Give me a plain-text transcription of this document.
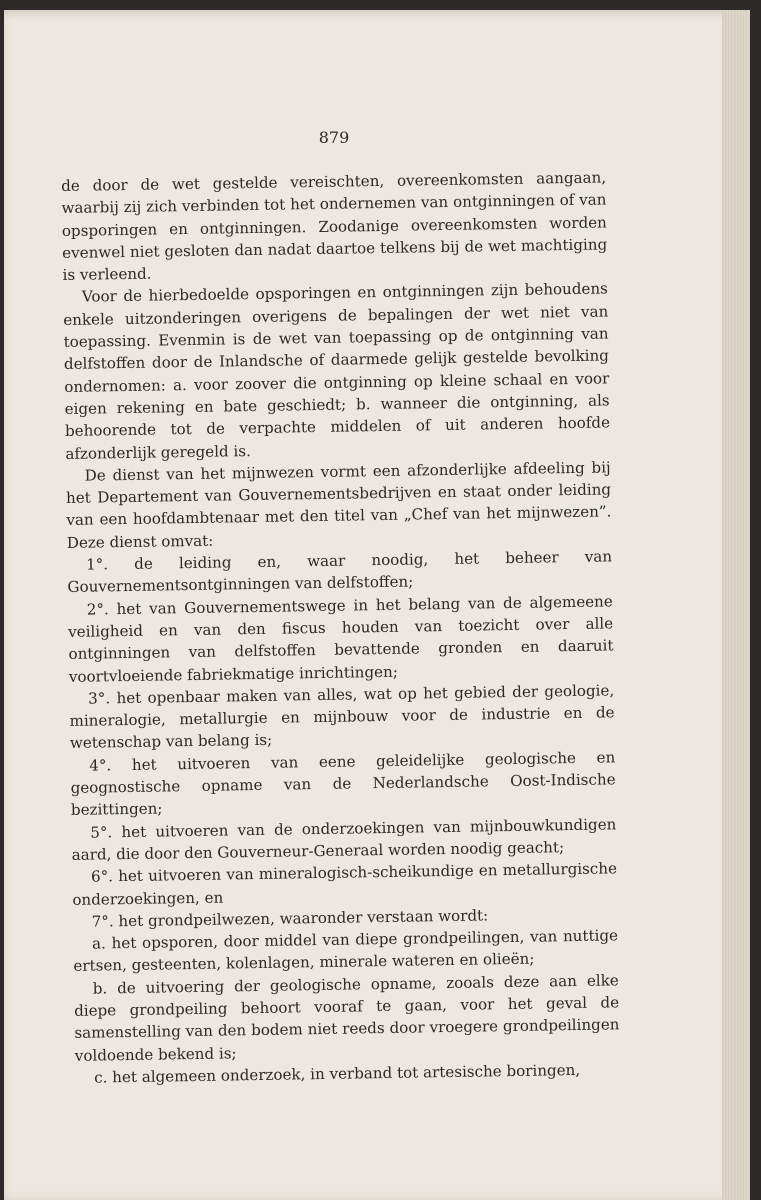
879

de door de wet gestelde vereischten, overeenkomsten aangaan, waarbij zij zich verbinden tot het ondernemen van ontginningen of van opsporingen en ontginningen. Zoodanige overeenkomsten worden evenwel niet gesloten dan nadat daartoe telkens bij de wet machtiging is verleend.

Voor de hierbedoelde opsporingen en ontginningen zijn behoudens enkele uitzonderingen overigens de bepalingen der wet niet van toepassing. Evenmin is de wet van toepassing op de ontginning van delfstoffen door de Inlandsche of daarmede gelijk gestelde bevolking ondernomen: a. voor zoover die ontginning op kleine schaal en voor eigen rekening en bate geschiedt; b. wanneer die ontginning, als behoorende tot de verpachte middelen of uit anderen hoofde afzonderlijk geregeld is.

De dienst van het mijnwezen vormt een afzonderlijke afdeeling bij het Departement van Gouvernementsbedrijven en staat onder leiding van een hoofdambtenaar met den titel van „Chef van het mijnwezen”. Deze dienst omvat:

1°. de leiding en, waar noodig, het beheer van Gouvernementsontginningen van delfstoffen;

2°. het van Gouvernementswege in het belang van de algemeene veiligheid en van den fiscus houden van toezicht over alle ontginningen van delfstoffen bevattende gronden en daaruit voortvloeiende fabriekmatige inrichtingen;

3°. het openbaar maken van alles, wat op het gebied der geologie, mineralogie, metallurgie en mijnbouw voor de industrie en de wetenschap van belang is;

4°. het uitvoeren van eene geleidelijke geologische en geognostische opname van de Nederlandsche Oost-Indische bezittingen;

5°. het uitvoeren van de onderzoekingen van mijnbouwkundigen aard, die door den Gouverneur-Generaal worden noodig geacht;

6°. het uitvoeren van mineralogisch-scheikundige en metallurgische onderzoekingen, en

7°. het grondpeilwezen, waaronder verstaan wordt:

a. het opsporen, door middel van diepe grondpeilingen, van nuttige ertsen, gesteenten, kolenlagen, minerale wateren en olieën;

b. de uitvoering der geologische opname, zooals deze aan elke diepe grondpeiling behoort vooraf te gaan, voor het geval de samenstelling van den bodem niet reeds door vroegere grondpeilingen voldoende bekend is;

c. het algemeen onderzoek, in verband tot artesische boringen,
